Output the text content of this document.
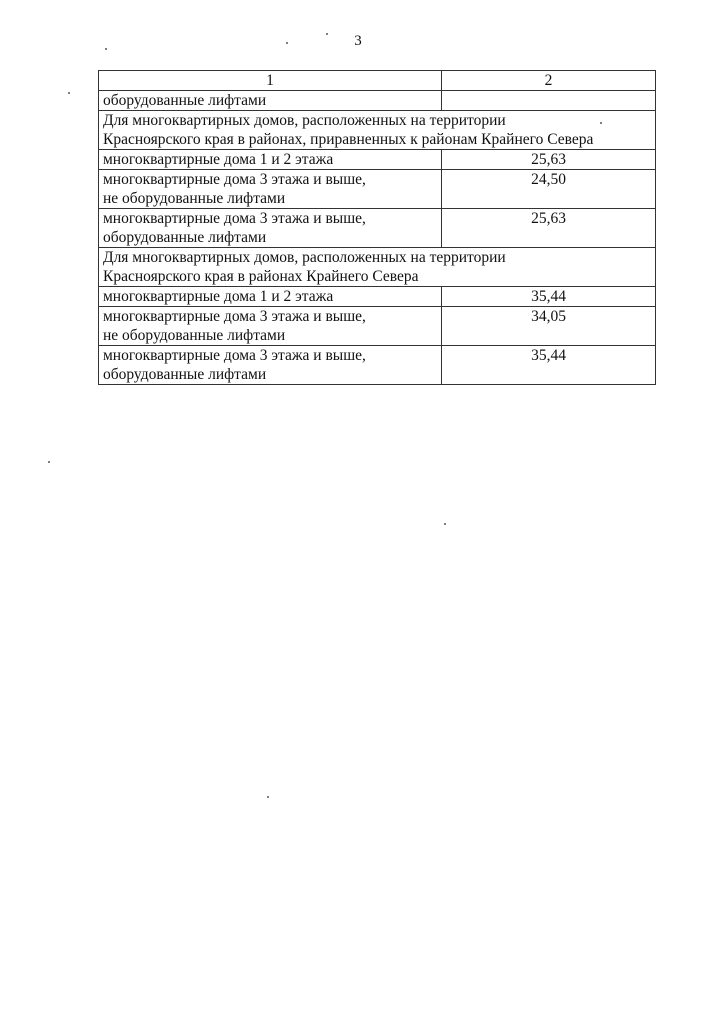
3
1	2
оборудованные лифтами	
Для многоквартирных домов, расположенных на территории
Красноярского края в районах, приравненных к районам Крайнего Севера	
многоквартирные дома 1 и 2 этажа	25,63
многоквартирные дома 3 этажа и выше,
не оборудованные лифтами	24,50
многоквартирные дома 3 этажа и выше,
оборудованные лифтами	25,63
Для многоквартирных домов, расположенных на территории
Красноярского края в районах Крайнего Севера	
многоквартирные дома 1 и 2 этажа	35,44
многоквартирные дома 3 этажа и выше,
не оборудованные лифтами	34,05
многоквартирные дома 3 этажа и выше,
оборудованные лифтами	35,44
